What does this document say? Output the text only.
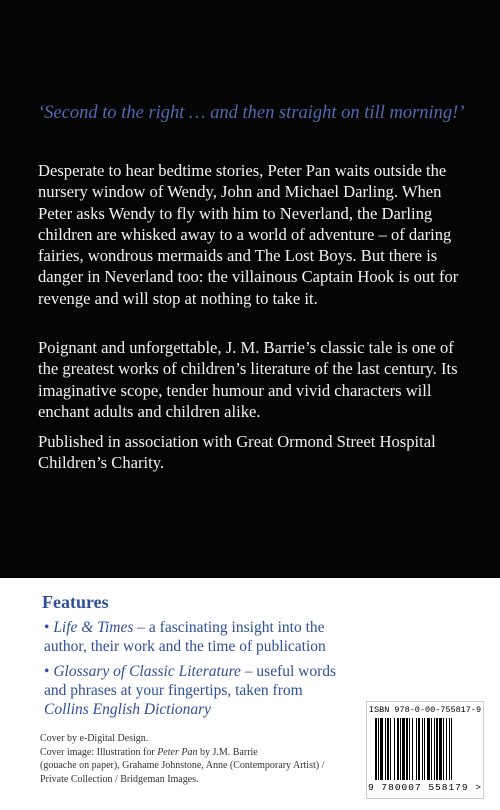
‘Second to the right … and then straight on till morning!’
Desperate to hear bedtime stories, Peter Pan waits outside the nursery window of Wendy, John and Michael Darling. When Peter asks Wendy to fly with him to Neverland, the Darling children are whisked away to a world of adventure – of daring fairies, wondrous mermaids and The Lost Boys. But there is danger in Neverland too: the villainous Captain Hook is out for revenge and will stop at nothing to take it.
Poignant and unforgettable, J. M. Barrie’s classic tale is one of the greatest works of children’s literature of the last century. Its imaginative scope, tender humour and vivid characters will enchant adults and children alike.
Published in association with Great Ormond Street Hospital Children’s Charity.
Features
• Life & Times – a fascinating insight into the author, their work and the time of publication
• Glossary of Classic Literature – useful words and phrases at your fingertips, taken from Collins English Dictionary
Cover by e-Digital Design.
Cover image: Illustration for Peter Pan by J.M. Barrie
(gouache on paper), Grahame Johnstone, Anne (Contemporary Artist) /
Private Collection / Bridgeman Images.
ISBN 978-0-00-755817-9
9 780007 558179 >
